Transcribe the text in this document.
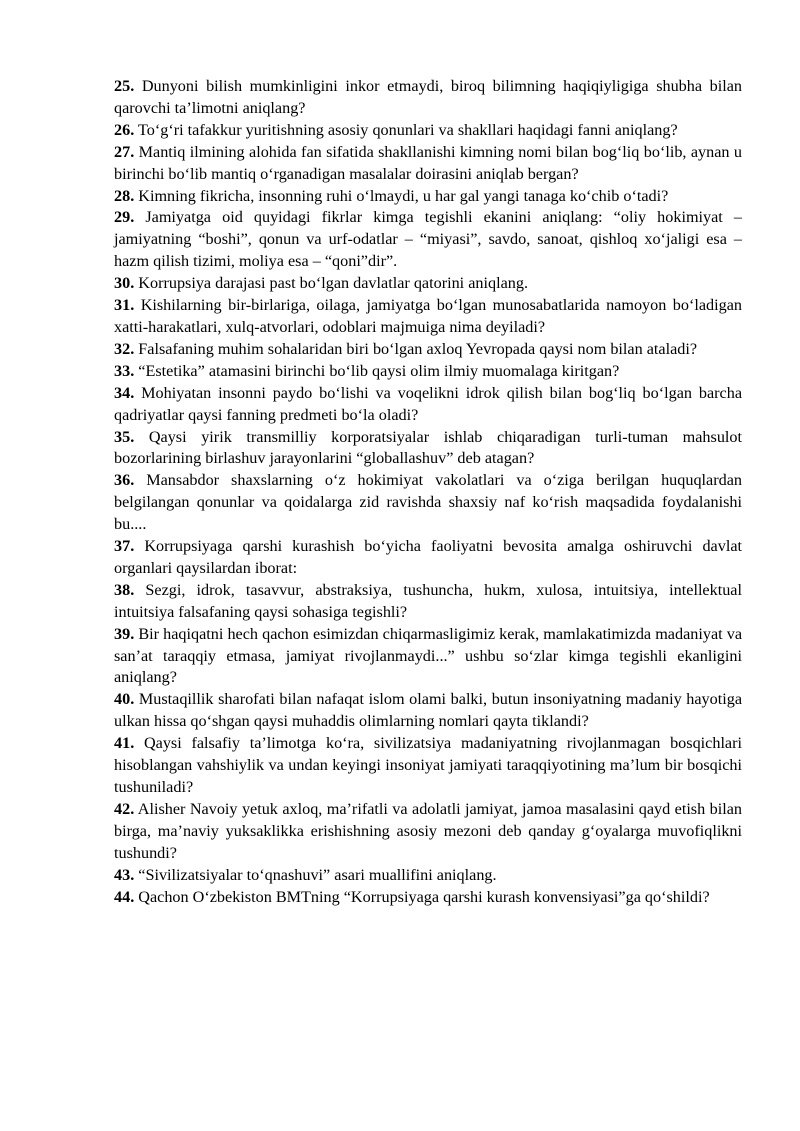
25. Dunyoni bilish mumkinligini inkor etmaydi, biroq bilimning haqiqiyligiga shubha bilan qarovchi ta’limotni aniqlang?

26. To‘g‘ri tafakkur yuritishning asosiy qonunlari va shakllari haqidagi fanni aniqlang?

27. Mantiq ilmining alohida fan sifatida shakllanishi kimning nomi bilan bog‘liq bo‘lib, aynan u birinchi bo‘lib mantiq o‘rganadigan masalalar doirasini aniqlab bergan?

28. Kimning fikricha, insonning ruhi o‘lmaydi, u har gal yangi tanaga ko‘chib o‘tadi?

29. Jamiyatga oid quyidagi fikrlar kimga tegishli ekanini aniqlang: “oliy hokimiyat – jamiyatning “boshi”, qonun va urf-odatlar – “miyasi”, savdo, sanoat, qishloq xo‘jaligi esa – hazm qilish tizimi, moliya esa – “qoni”dir”.

30. Korrupsiya darajasi past bo‘lgan davlatlar qatorini aniqlang.

31. Kishilarning bir-birlariga, oilaga, jamiyatga bo‘lgan munosabatlarida namoyon bo‘ladigan xatti-harakatlari, xulq-atvorlari, odoblari majmuiga nima deyiladi?

32. Falsafaning muhim sohalaridan biri bo‘lgan axloq Yevropada qaysi nom bilan ataladi?

33. “Estetika” atamasini birinchi bo‘lib qaysi olim ilmiy muomalaga kiritgan?

34. Mohiyatan insonni paydo bo‘lishi va voqelikni idrok qilish bilan bog‘liq bo‘lgan barcha qadriyatlar qaysi fanning predmeti bo‘la oladi?

35. Qaysi yirik transmilliy korporatsiyalar ishlab chiqaradigan turli-tuman mahsulot bozorlarining birlashuv jarayonlarini “globallashuv” deb atagan?

36. Mansabdor shaxslarning o‘z hokimiyat vakolatlari va o‘ziga berilgan huquqlardan belgilangan qonunlar va qoidalarga zid ravishda shaxsiy naf ko‘rish maqsadida foydalanishi bu....

37. Korrupsiyaga qarshi kurashish bo‘yicha faoliyatni bevosita amalga oshiruvchi davlat organlari qaysilardan iborat:

38. Sezgi, idrok, tasavvur, abstraksiya, tushuncha, hukm, xulosa, intuitsiya, intellektual intuitsiya falsafaning qaysi sohasiga tegishli?

39. Bir haqiqatni hech qachon esimizdan chiqarmasligimiz kerak, mamlakatimizda madaniyat va san’at taraqqiy etmasa, jamiyat rivojlanmaydi...” ushbu so‘zlar kimga tegishli ekanligini aniqlang?

40. Mustaqillik sharofati bilan nafaqat islom olami balki, butun insoniyatning madaniy hayotiga ulkan hissa qo‘shgan qaysi muhaddis olimlarning nomlari qayta tiklandi?

41. Qaysi falsafiy ta’limotga ko‘ra, sivilizatsiya madaniyatning rivojlanmagan bosqichlari hisoblangan vahshiylik va undan keyingi insoniyat jamiyati taraqqiyotining ma’lum bir bosqichi tushuniladi?

42. Alisher Navoiy yetuk axloq, ma’rifatli va adolatli jamiyat, jamoa masalasini qayd etish bilan birga, ma’naviy yuksaklikka erishishning asosiy mezoni deb qanday g‘oyalarga muvofiqlikni tushundi?

43. “Sivilizatsiyalar to‘qnashuvi” asari muallifini aniqlang.

44. Qachon O‘zbekiston BMTning “Korrupsiyaga qarshi kurash konvensiyasi”ga qo‘shildi?
